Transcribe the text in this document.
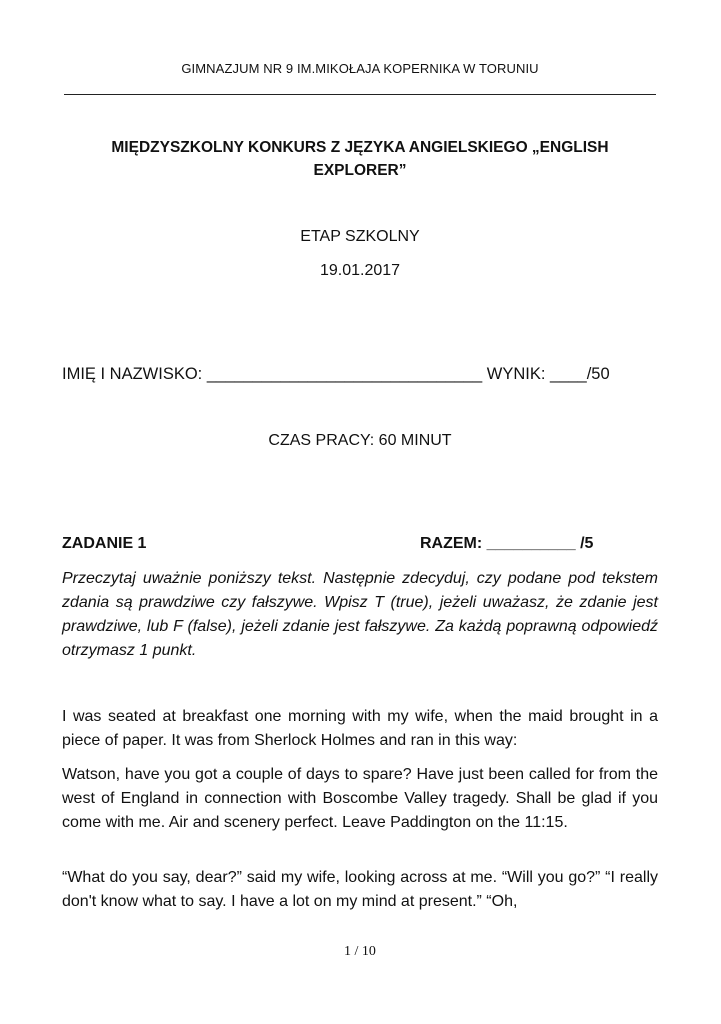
GIMNAZJUM NR 9 IM.MIKOŁAJA KOPERNIKA W TORUNIU
MIĘDZYSZKOLNY KONKURS Z JĘZYKA ANGIELSKIEGO „ENGLISH
EXPLORER”
ETAP SZKOLNY
19.01.2017
IMIĘ I NAZWISKO: ______________________________ WYNIK: ____/50
CZAS PRACY: 60 MINUT
ZADANIE 1	RAZEM: __________ /5

Przeczytaj uważnie poniższy tekst. Następnie zdecyduj, czy podane pod tekstem zdania są prawdziwe czy fałszywe. Wpisz T (true), jeżeli uważasz, że zdanie jest prawdziwe, lub F (false), jeżeli zdanie jest fałszywe. Za każdą poprawną odpowiedź otrzymasz 1 punkt.

I was seated at breakfast one morning with my wife, when the maid brought in a piece of paper. It was from Sherlock Holmes and ran in this way:

Watson, have you got a couple of days to spare? Have just been called for from the west of England in connection with Boscombe Valley tragedy. Shall be glad if you come with me. Air and scenery perfect. Leave Paddington on the 11:15.

“What do you say, dear?” said my wife, looking across at me. “Will you go?” “I really don't know what to say. I have a lot on my mind at present.” “Oh,

1 / 10
